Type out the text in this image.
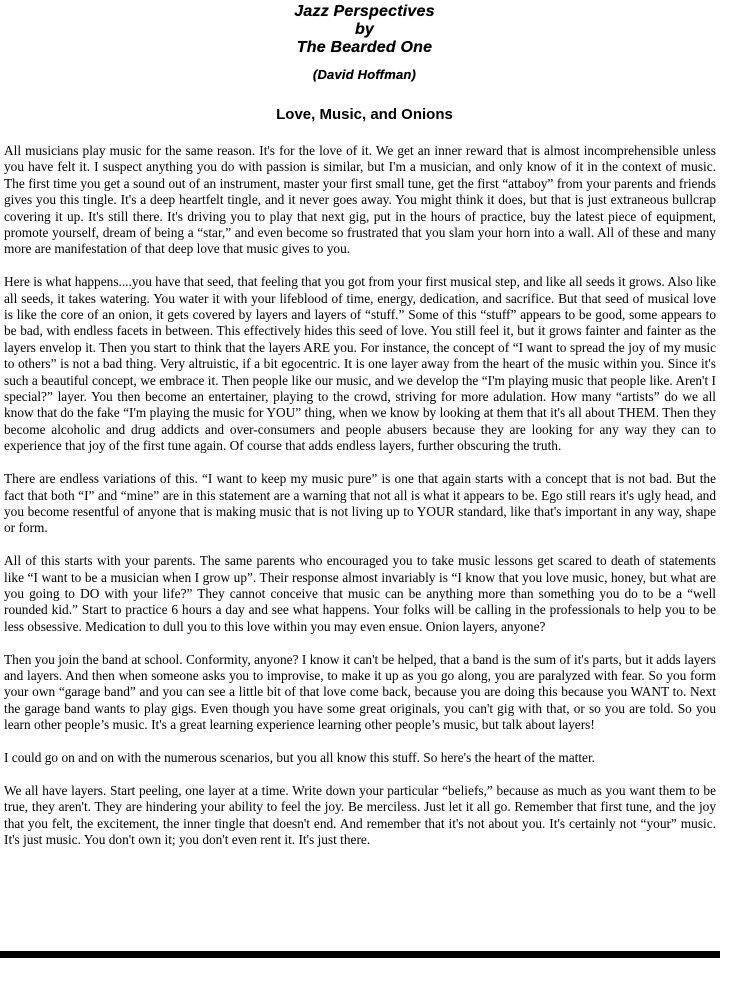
Jazz Perspectives
by
The Bearded One
(David Hoffman)
Love, Music, and Onions

All musicians play music for the same reason. It's for the love of it. We get an inner reward that is almost incomprehensible unless you have felt it. I suspect anything you do with passion is similar, but I'm a musician, and only know of it in the context of music. The first time you get a sound out of an instrument, master your first small tune, get the first “attaboy” from your parents and friends gives you this tingle. It's a deep heartfelt tingle, and it never goes away. You might think it does, but that is just extraneous bullcrap covering it up. It's still there. It's driving you to play that next gig, put in the hours of practice, buy the latest piece of equipment, promote yourself, dream of being a “star,” and even become so frustrated that you slam your horn into a wall. All of these and many more are manifestation of that deep love that music gives to you.

Here is what happens....you have that seed, that feeling that you got from your first musical step, and like all seeds it grows. Also like all seeds, it takes watering. You water it with your lifeblood of time, energy, dedication, and sacrifice. But that seed of musical love is like the core of an onion, it gets covered by layers and layers of “stuff.” Some of this “stuff” appears to be good, some appears to be bad, with endless facets in between. This effectively hides this seed of love. You still feel it, but it grows fainter and fainter as the layers envelop it. Then you start to think that the layers ARE you. For instance, the concept of “I want to spread the joy of my music to others” is not a bad thing. Very altruistic, if a bit egocentric. It is one layer away from the heart of the music within you. Since it's such a beautiful concept, we embrace it. Then people like our music, and we develop the “I'm playing music that people like. Aren't I special?” layer. You then become an entertainer, playing to the crowd, striving for more adulation. How many “artists” do we all know that do the fake “I'm playing the music for YOU” thing, when we know by looking at them that it's all about THEM. Then they become alcoholic and drug addicts and over-consumers and people abusers because they are looking for any way they can to experience that joy of the first tune again. Of course that adds endless layers, further obscuring the truth.

There are endless variations of this. “I want to keep my music pure” is one that again starts with a concept that is not bad. But the fact that both “I” and “mine” are in this statement are a warning that not all is what it appears to be. Ego still rears it's ugly head, and you become resentful of anyone that is making music that is not living up to YOUR standard, like that's important in any way, shape or form.

All of this starts with your parents. The same parents who encouraged you to take music lessons get scared to death of statements like “I want to be a musician when I grow up”. Their response almost invariably is “I know that you love music, honey, but what are you going to DO with your life?” They cannot conceive that music can be anything more than something you do to be a “well rounded kid.” Start to practice 6 hours a day and see what happens. Your folks will be calling in the professionals to help you to be less obsessive. Medication to dull you to this love within you may even ensue. Onion layers, anyone?

Then you join the band at school. Conformity, anyone? I know it can't be helped, that a band is the sum of it's parts, but it adds layers and layers. And then when someone asks you to improvise, to make it up as you go along, you are paralyzed with fear. So you form your own “garage band” and you can see a little bit of that love come back, because you are doing this because you WANT to. Next the garage band wants to play gigs. Even though you have some great originals, you can't gig with that, or so you are told. So you learn other people’s music. It's a great learning experience learning other people’s music, but talk about layers!

I could go on and on with the numerous scenarios, but you all know this stuff. So here's the heart of the matter.

We all have layers. Start peeling, one layer at a time. Write down your particular “beliefs,” because as much as you want them to be true, they aren't. They are hindering your ability to feel the joy. Be merciless. Just let it all go. Remember that first tune, and the joy that you felt, the excitement, the inner tingle that doesn't end. And remember that it's not about you. It's certainly not “your” music. It's just music. You don't own it; you don't even rent it. It's just there.
